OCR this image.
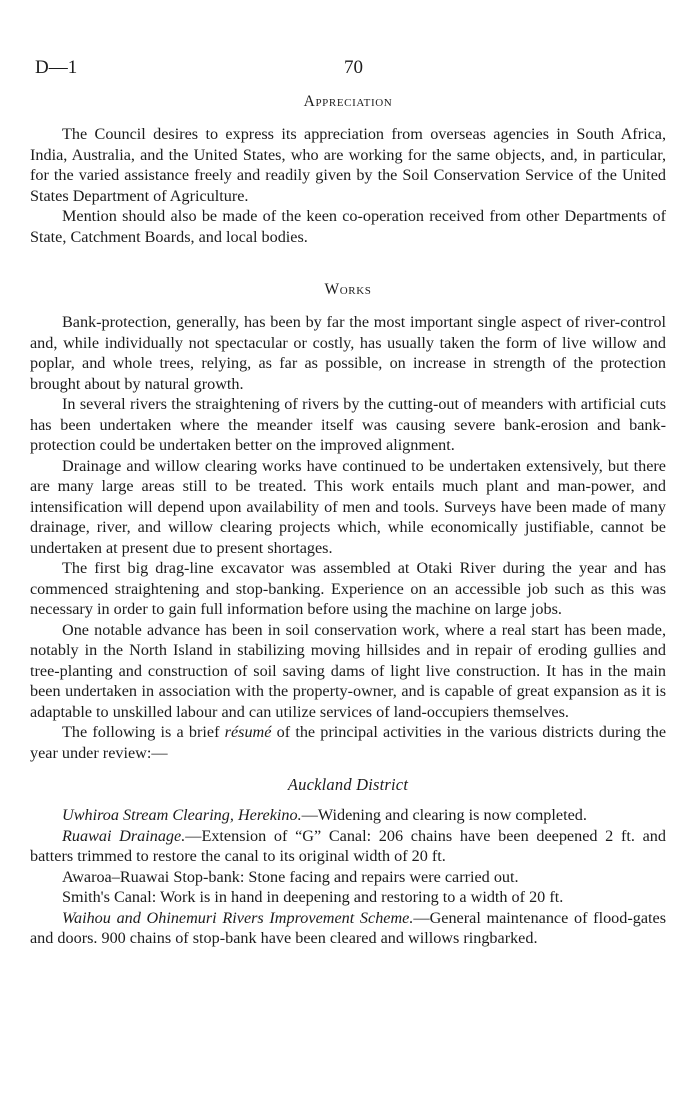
D—1	70
Appreciation

The Council desires to express its appreciation from overseas agencies in South Africa, India, Australia, and the United States, who are working for the same objects, and, in particular, for the varied assistance freely and readily given by the Soil Conservation Service of the United States Department of Agriculture.

Mention should also be made of the keen co-operation received from other Departments of State, Catchment Boards, and local bodies.

Works

Bank-protection, generally, has been by far the most important single aspect of river-control and, while individually not spectacular or costly, has usually taken the form of live willow and poplar, and whole trees, relying, as far as possible, on increase in strength of the protection brought about by natural growth.

In several rivers the straightening of rivers by the cutting-out of meanders with artificial cuts has been undertaken where the meander itself was causing severe bank-erosion and bank-protection could be undertaken better on the improved alignment.

Drainage and willow clearing works have continued to be undertaken extensively, but there are many large areas still to be treated. This work entails much plant and man-power, and intensification will depend upon availability of men and tools. Surveys have been made of many drainage, river, and willow clearing projects which, while economically justifiable, cannot be undertaken at present due to present shortages.

The first big drag-line excavator was assembled at Otaki River during the year and has commenced straightening and stop-banking. Experience on an accessible job such as this was necessary in order to gain full information before using the machine on large jobs.

One notable advance has been in soil conservation work, where a real start has been made, notably in the North Island in stabilizing moving hillsides and in repair of eroding gullies and tree-planting and construction of soil saving dams of light live construction. It has in the main been undertaken in association with the property-owner, and is capable of great expansion as it is adaptable to unskilled labour and can utilize services of land-occupiers themselves.

The following is a brief résumé of the principal activities in the various districts during the year under review:—

Auckland District

Uwhiroa Stream Clearing, Herekino.—Widening and clearing is now completed.

Ruawai Drainage.—Extension of “G” Canal: 206 chains have been deepened 2 ft. and batters trimmed to restore the canal to its original width of 20 ft.

Awaroa–Ruawai Stop-bank: Stone facing and repairs were carried out.

Smith's Canal: Work is in hand in deepening and restoring to a width of 20 ft.

Waihou and Ohinemuri Rivers Improvement Scheme.—General maintenance of flood-gates and doors. 900 chains of stop-bank have been cleared and willows ringbarked.
